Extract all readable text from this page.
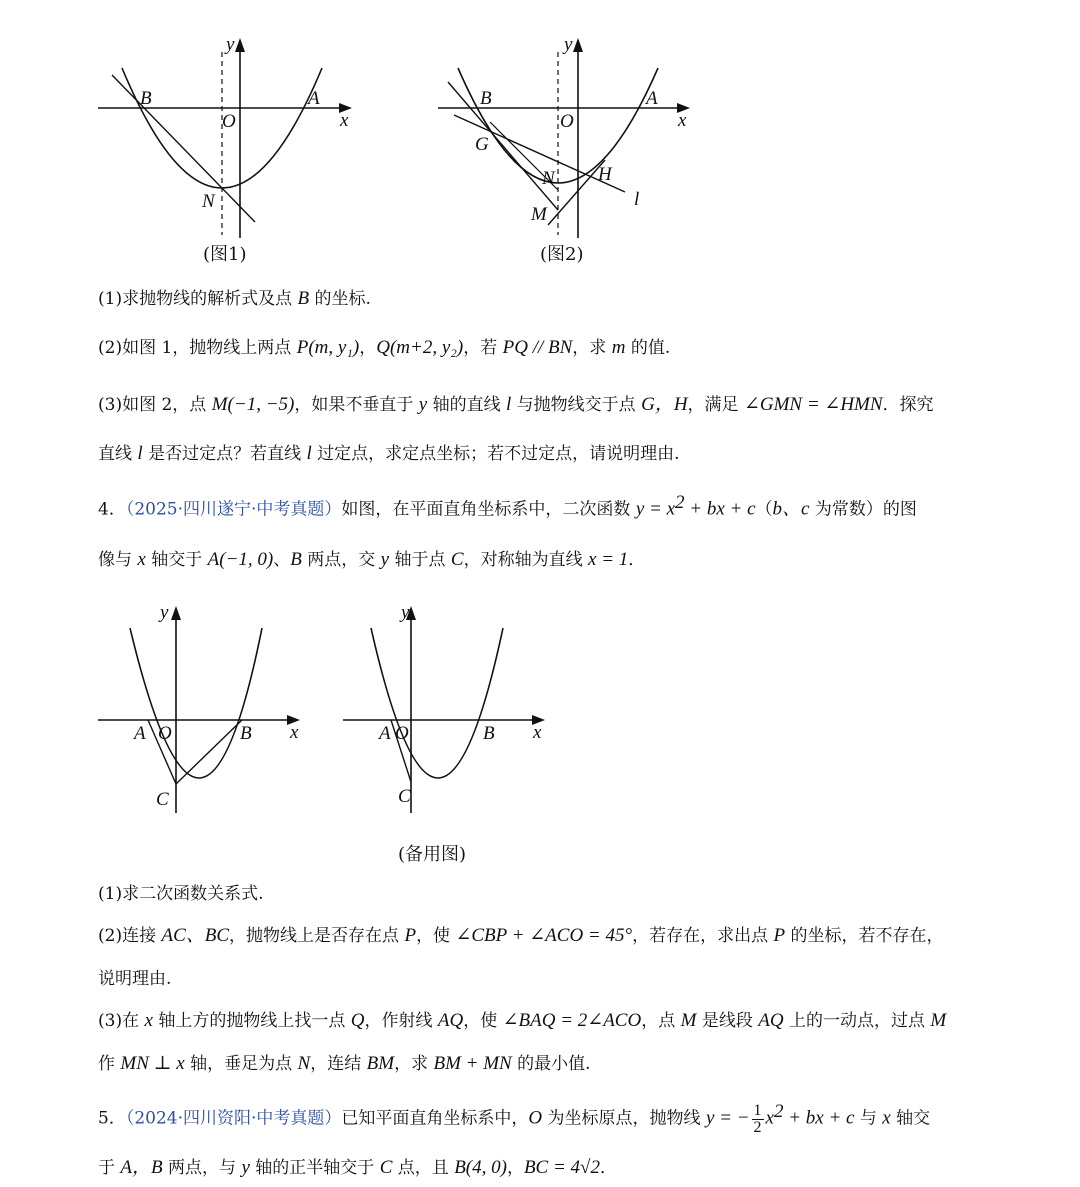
B
O
A
N
y
x
(图1)
B
O
A
G
N H
M
l
y
x
(图2)
(1)求抛物线的解析式及点 B 的坐标.
(2)如图 1，抛物线上两点 P(m, y₁)，Q(m+2, y₂)，若 PQ // BN，求 m 的值.
(3)如图 2，点 M(−1, −5)，如果不垂直于 y 轴的直线 l 与抛物线交于点 G，H，满足 ∠GMN = ∠HMN．探究
直线 l 是否过定点？若直线 l 过定点，求定点坐标；若不过定点，请说明理由.
4．（2025·四川遂宁·中考真题）如图，在平面直角坐标系中，二次函数 $y = x^2$ + bx + c（b、c 为常数）的图
像与 x 轴交于 A(−1, 0)、B 两点，交 y 轴于点 C，对称轴为直线 x = 1．
A O	B
C
y
x	A O	B
C
y
x
(备用图)
(1)求二次函数关系式.
(2)连接 AC、BC，抛物线上是否存在点 P，使 ∠CBP + ∠ACO = 45°，若存在，求出点 P 的坐标，若不存在，
说明理由.
(3)在 x 轴上方的抛物线上找一点 Q，作射线 AQ，使 ∠BAQ = 2∠ACO，点 M 是线段 AQ 上的一动点，过点 M
作 MN ⊥ x 轴，垂足为点 N，连结 BM，求 BM + MN 的最小值.
5．（2024·四川资阳·中考真题）已知平面直角坐标系中，O 为坐标原点，抛物线 y = − $\frac{1}{2} x^2$ + bx + c 与 x 轴交
于 A，B 两点，与 y 轴的正半轴交于 C 点，且 B(4, 0)，BC = 4√2．
